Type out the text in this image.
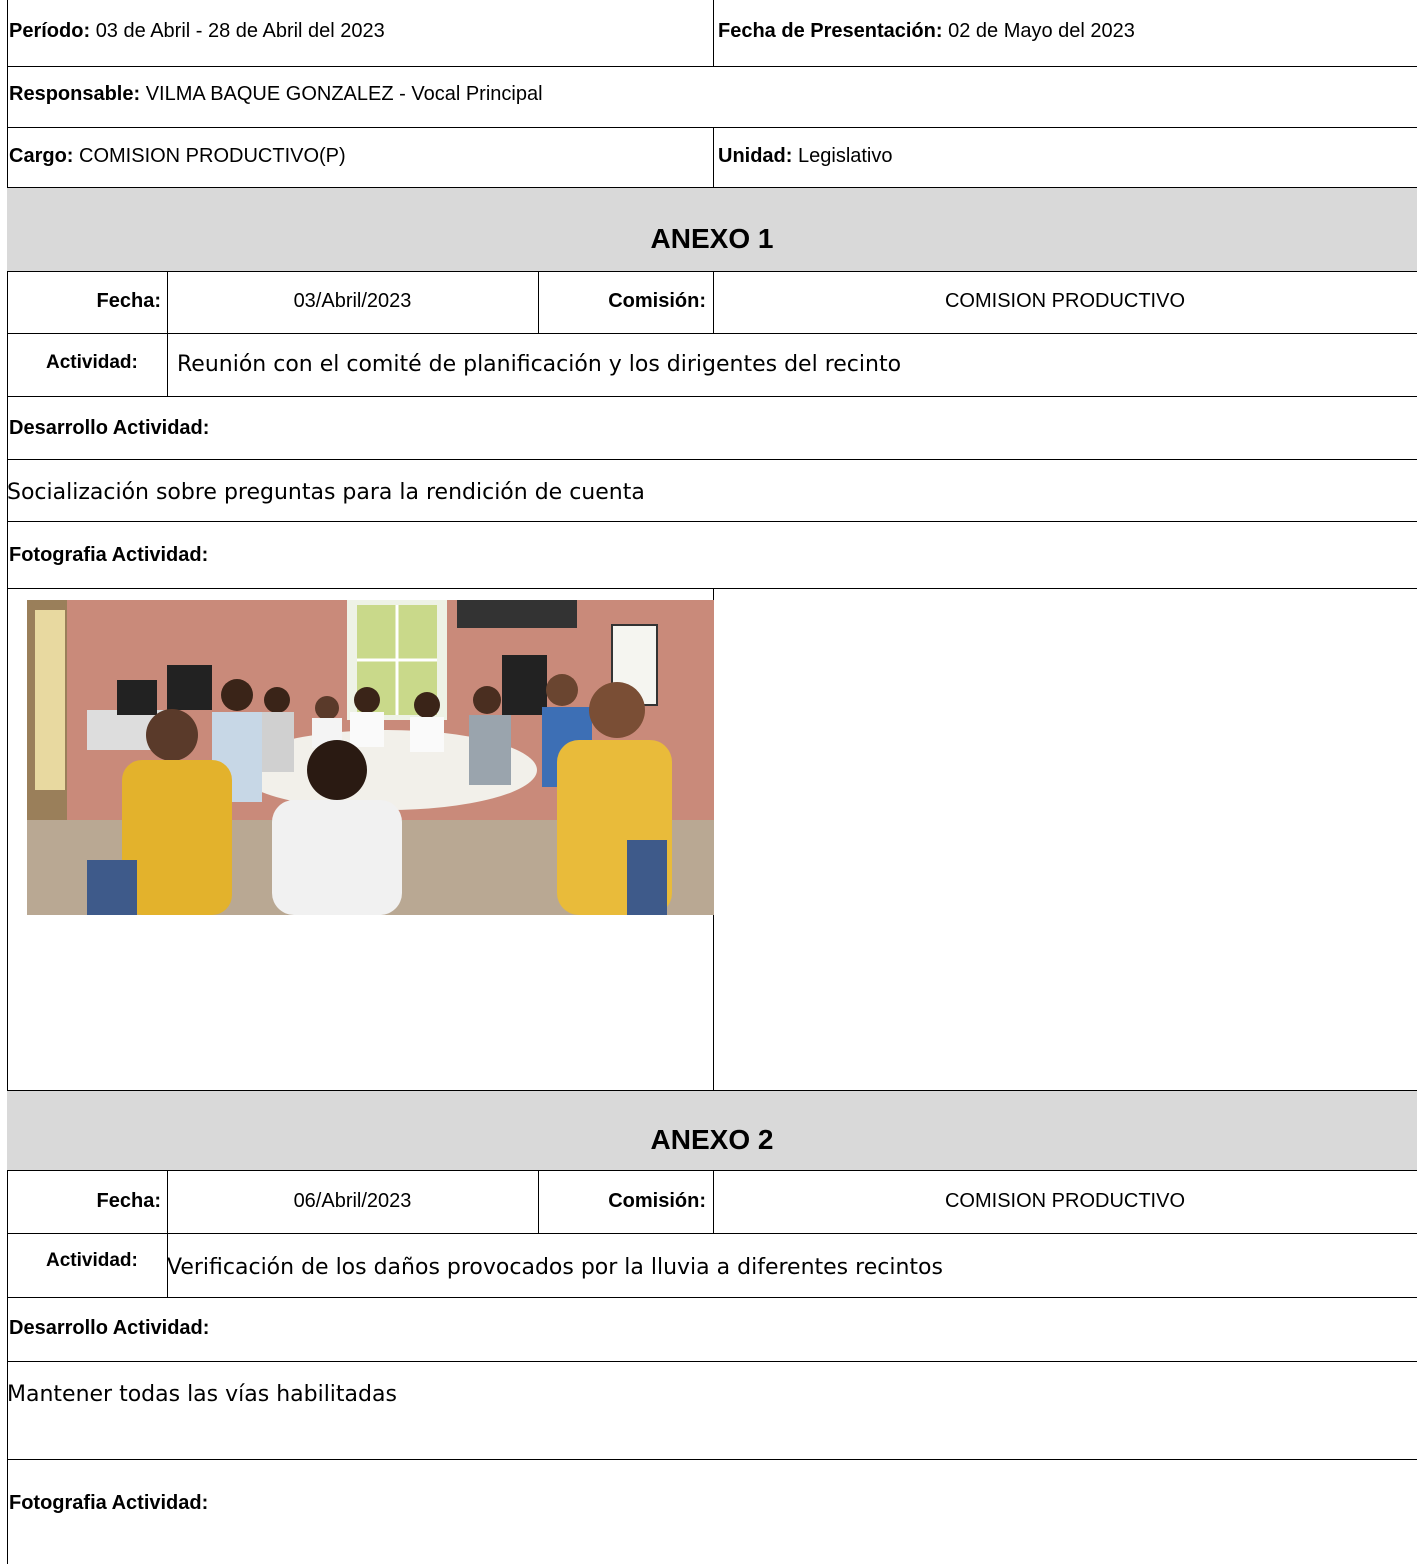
Período: 03 de Abril - 28 de Abril del 2023	Fecha de Presentación: 02 de Mayo del 2023
Responsable: VILMA BAQUE GONZALEZ - Vocal Principal
Cargo: COMISION PRODUCTIVO(P)	Unidad: Legislativo
ANEXO 1
Fecha:	03/Abril/2023	Comisión:	COMISION PRODUCTIVO
Actividad: Reunión con el comité de planificación y los dirigentes del recinto
Desarrollo Actividad:
Socialización sobre preguntas para la rendición de cuenta
Fotografia Actividad:
ANEXO 2
Fecha:	06/Abril/2023	Comisión:	COMISION PRODUCTIVO
Actividad: Verificación de los daños provocados por la lluvia a diferentes recintos
Desarrollo Actividad:
Mantener todas las vías habilitadas
Fotografia Actividad:
